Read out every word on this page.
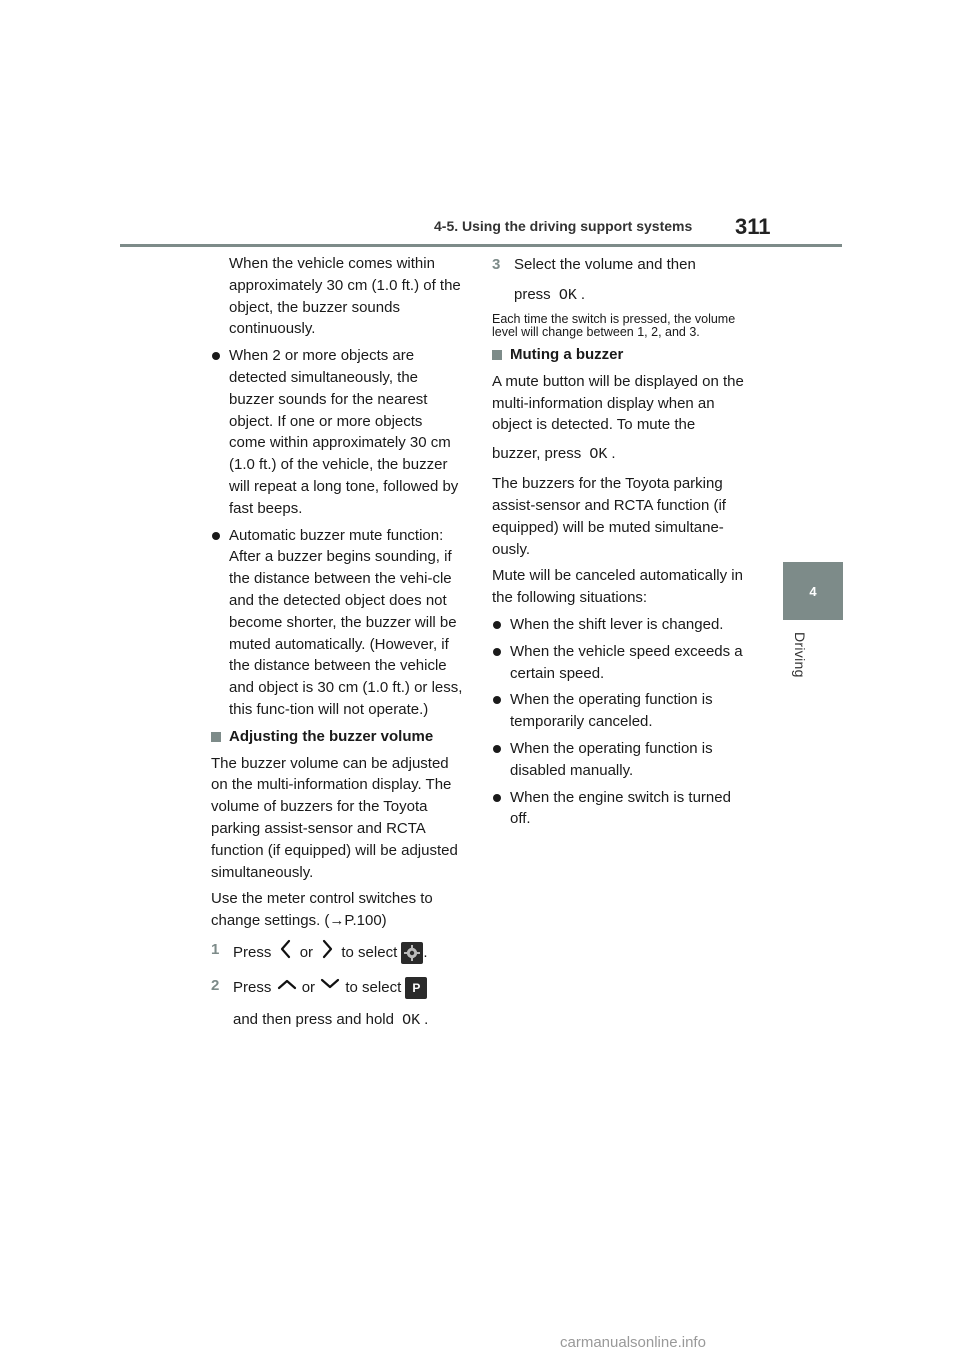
4-5. Using the driving support systems 311
4
Driving

When the vehicle comes within approximately 30 cm (1.0 ft.) of the object, the buzzer sounds continuously.

When 2 or more objects are detected simultaneously, the buzzer sounds for the nearest object. If one or more objects come within approximately 30 cm (1.0 ft.) of the vehicle, the buzzer will repeat a long tone, followed by fast beeps.
Automatic buzzer mute function: After a buzzer begins sounding, if the distance between the vehi-cle and the detected object does not become shorter, the buzzer will be muted automatically. (However, if the distance between the vehicle and object is 30 cm (1.0 ft.) or less, this func-tion will not operate.)
Adjusting the buzzer volume

The buzzer volume can be adjusted on the multi-information display. The volume of buzzers for the Toyota parking assist-sensor and RCTA function (if equipped) will be adjusted simultaneously.

Use the meter control switches to change settings. (→P.100)

1 Press or to select .
2 Press or to select P
and then press and hold OK .
3 Select the volume and then
press OK .

Each time the switch is pressed, the volume level will change between 1, 2, and 3.

Muting a buzzer

A mute button will be displayed on the multi-information display when an object is detected. To mute the

buzzer, press OK .

The buzzers for the Toyota parking assist-sensor and RCTA function (if equipped) will be muted simultane-ously.

Mute will be canceled automatically in the following situations:

When the shift lever is changed.
When the vehicle speed exceeds a certain speed.
When the operating function is temporarily canceled.
When the operating function is disabled manually.
When the engine switch is turned off.
carmanualsonline.info
